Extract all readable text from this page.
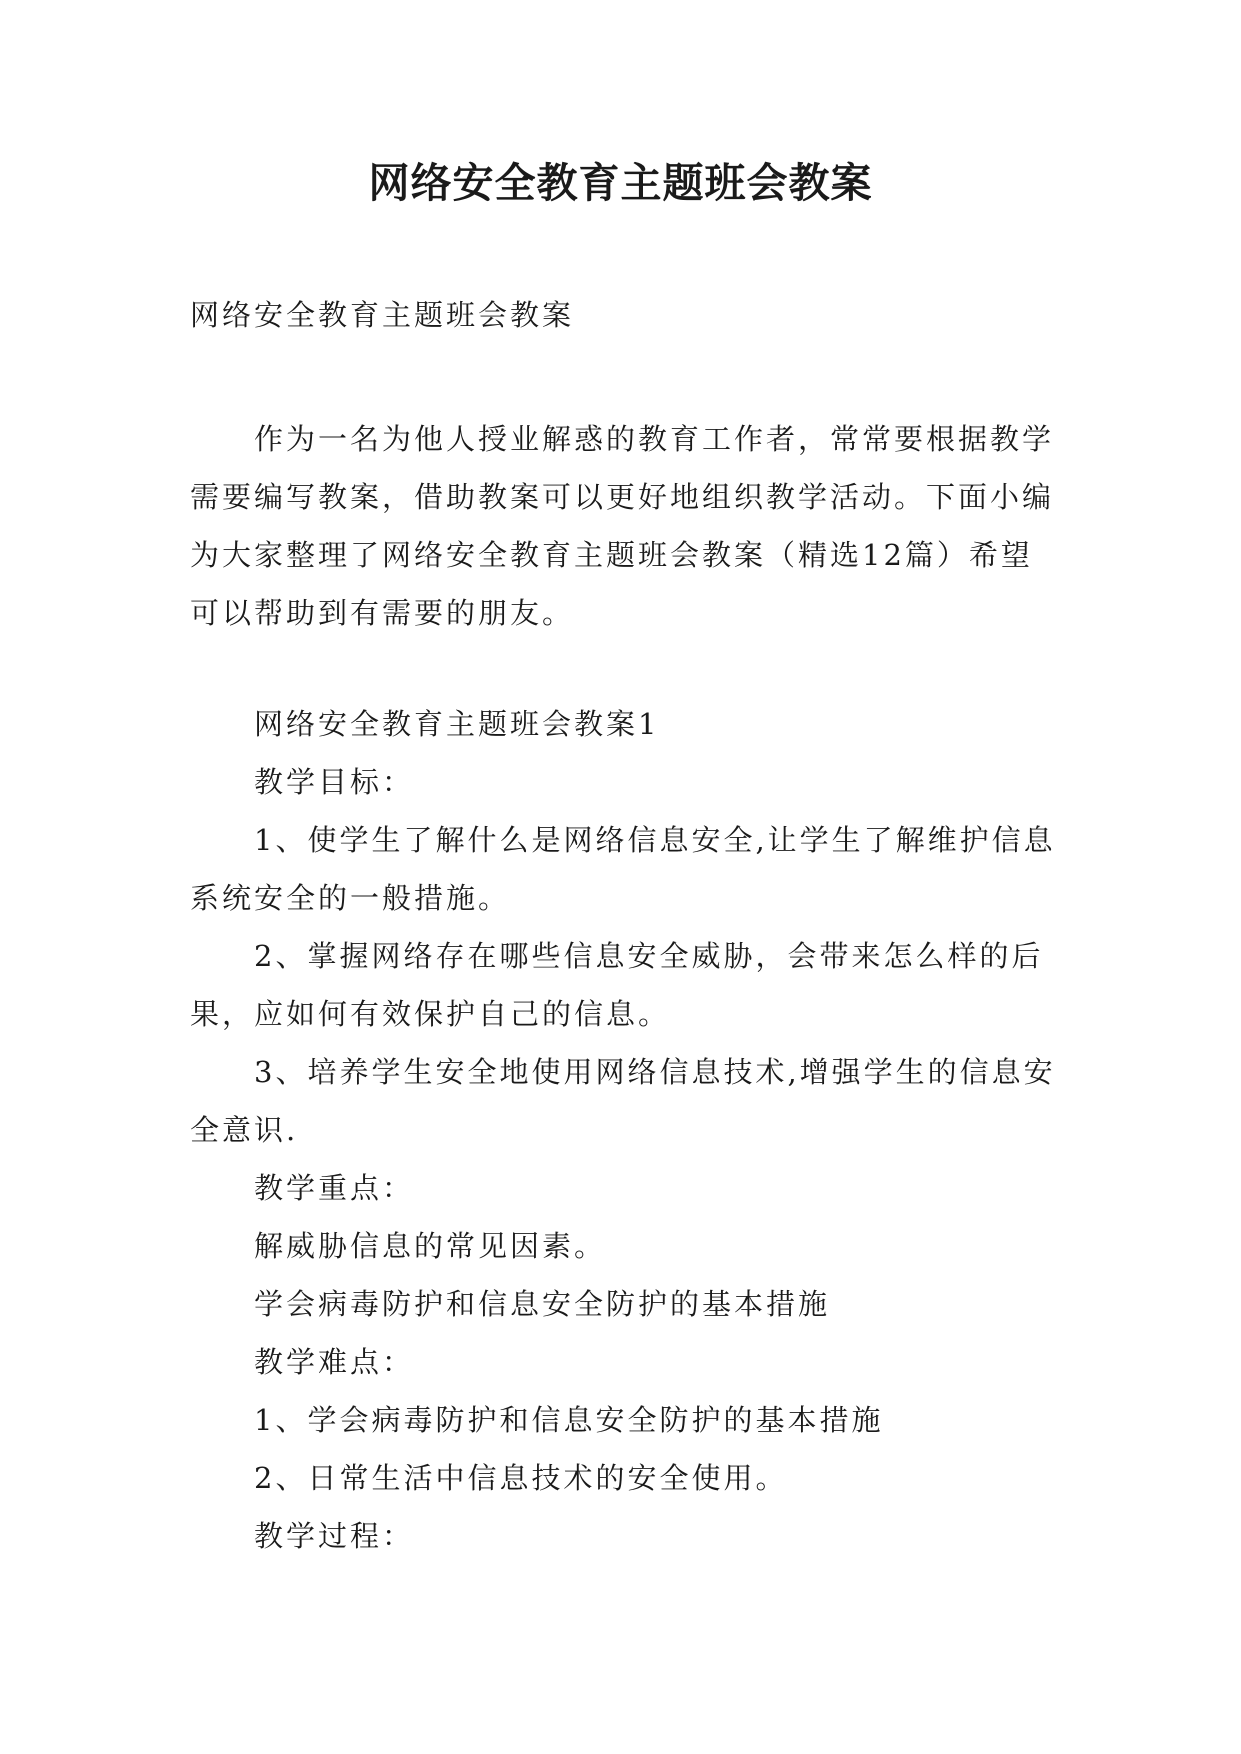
网络安全教育主题班会教案

网络安全教育主题班会教案

作为一名为他人授业解惑的教育工作者，常常要根据教学需要编写教案，借助教案可以更好地组织教学活动。下面小编为大家整理了网络安全教育主题班会教案（精选12篇）希望可以帮助到有需要的朋友。

网络安全教育主题班会教案1

教学目标：

1、使学生了解什么是网络信息安全,让学生了解维护信息系统安全的一般措施。

2、掌握网络存在哪些信息安全威胁，会带来怎么样的后果，应如何有效保护自己的信息。

3、培养学生安全地使用网络信息技术,增强学生的信息安全意识.

教学重点：

解威胁信息的常见因素。

学会病毒防护和信息安全防护的基本措施

教学难点：

1、学会病毒防护和信息安全防护的基本措施

2、日常生活中信息技术的安全使用。

教学过程：
